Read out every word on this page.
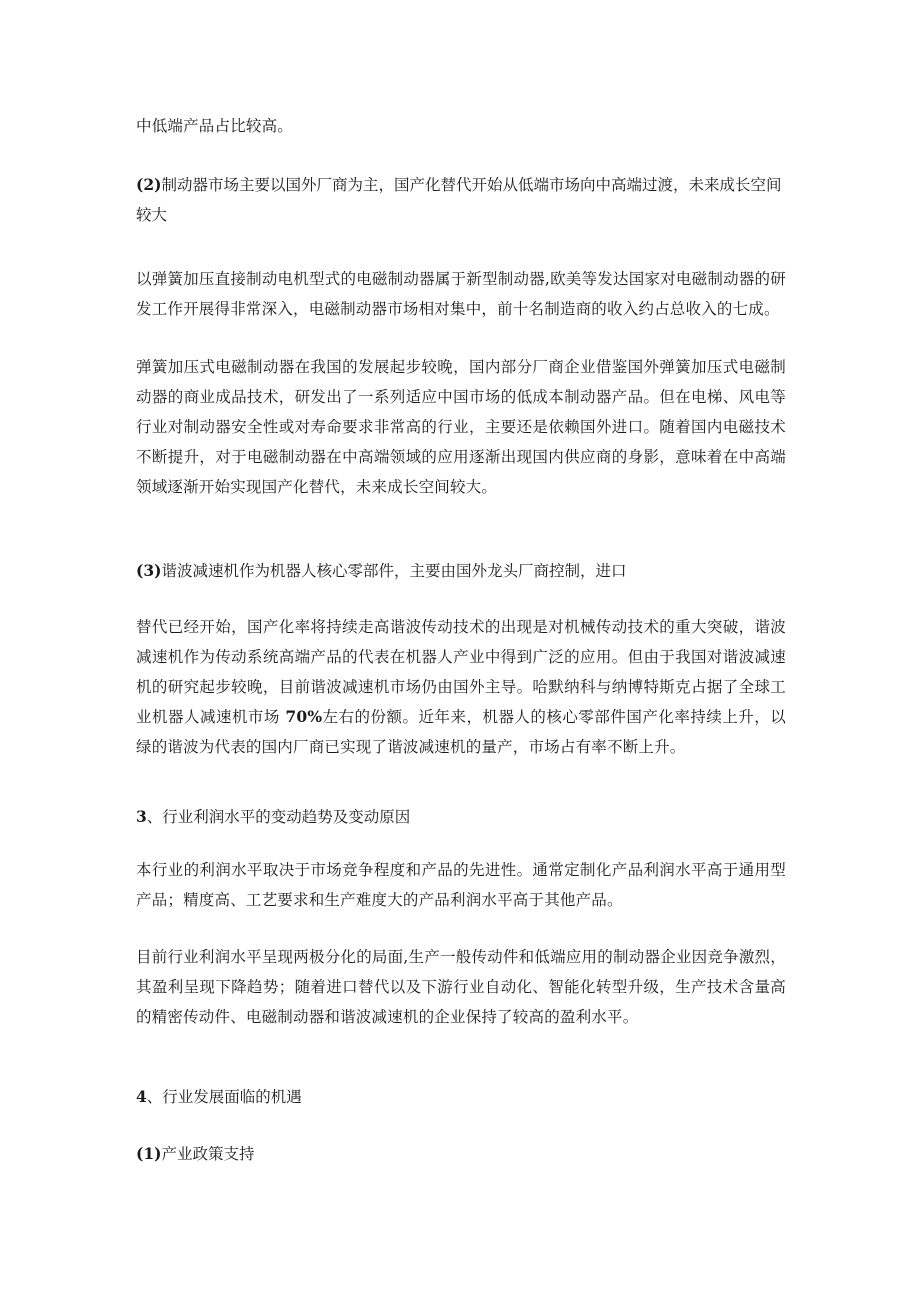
中低端产品占比较高。

(2)制动器市场主要以国外厂商为主，国产化替代开始从低端市场向中高端过渡，未来成长空间较大

以弹簧加压直接制动电机型式的电磁制动器属于新型制动器,欧美等发达国家对电磁制动器的研发工作开展得非常深入，电磁制动器市场相对集中，前十名制造商的收入约占总收入的七成。

弹簧加压式电磁制动器在我国的发展起步较晚，国内部分厂商企业借鉴国外弹簧加压式电磁制动器的商业成品技术，研发出了一系列适应中国市场的低成本制动器产品。但在电梯、风电等行业对制动器安全性或对寿命要求非常高的行业，主要还是依赖国外进口。随着国内电磁技术不断提升，对于电磁制动器在中高端领域的应用逐渐出现国内供应商的身影，意味着在中高端领域逐渐开始实现国产化替代，未来成长空间较大。

(3)谐波减速机作为机器人核心零部件，主要由国外龙头厂商控制，进口

替代已经开始，国产化率将持续走高谐波传动技术的出现是对机械传动技术的重大突破，谐波减速机作为传动系统高端产品的代表在机器人产业中得到广泛的应用。但由于我国对谐波减速机的研究起步较晚，目前谐波减速机市场仍由国外主导。哈默纳科与纳博特斯克占据了全球工业机器人减速机市场 70%左右的份额。近年来，机器人的核心零部件国产化率持续上升，以绿的谐波为代表的国内厂商已实现了谐波减速机的量产，市场占有率不断上升。

3、行业利润水平的变动趋势及变动原因

本行业的利润水平取决于市场竞争程度和产品的先进性。通常定制化产品利润水平高于通用型产品；精度高、工艺要求和生产难度大的产品利润水平高于其他产品。

目前行业利润水平呈现两极分化的局面,生产一般传动件和低端应用的制动器企业因竞争激烈，其盈利呈现下降趋势；随着进口替代以及下游行业自动化、智能化转型升级，生产技术含量高的精密传动件、电磁制动器和谐波减速机的企业保持了较高的盈利水平。

4、行业发展面临的机遇

(1)产业政策支持
